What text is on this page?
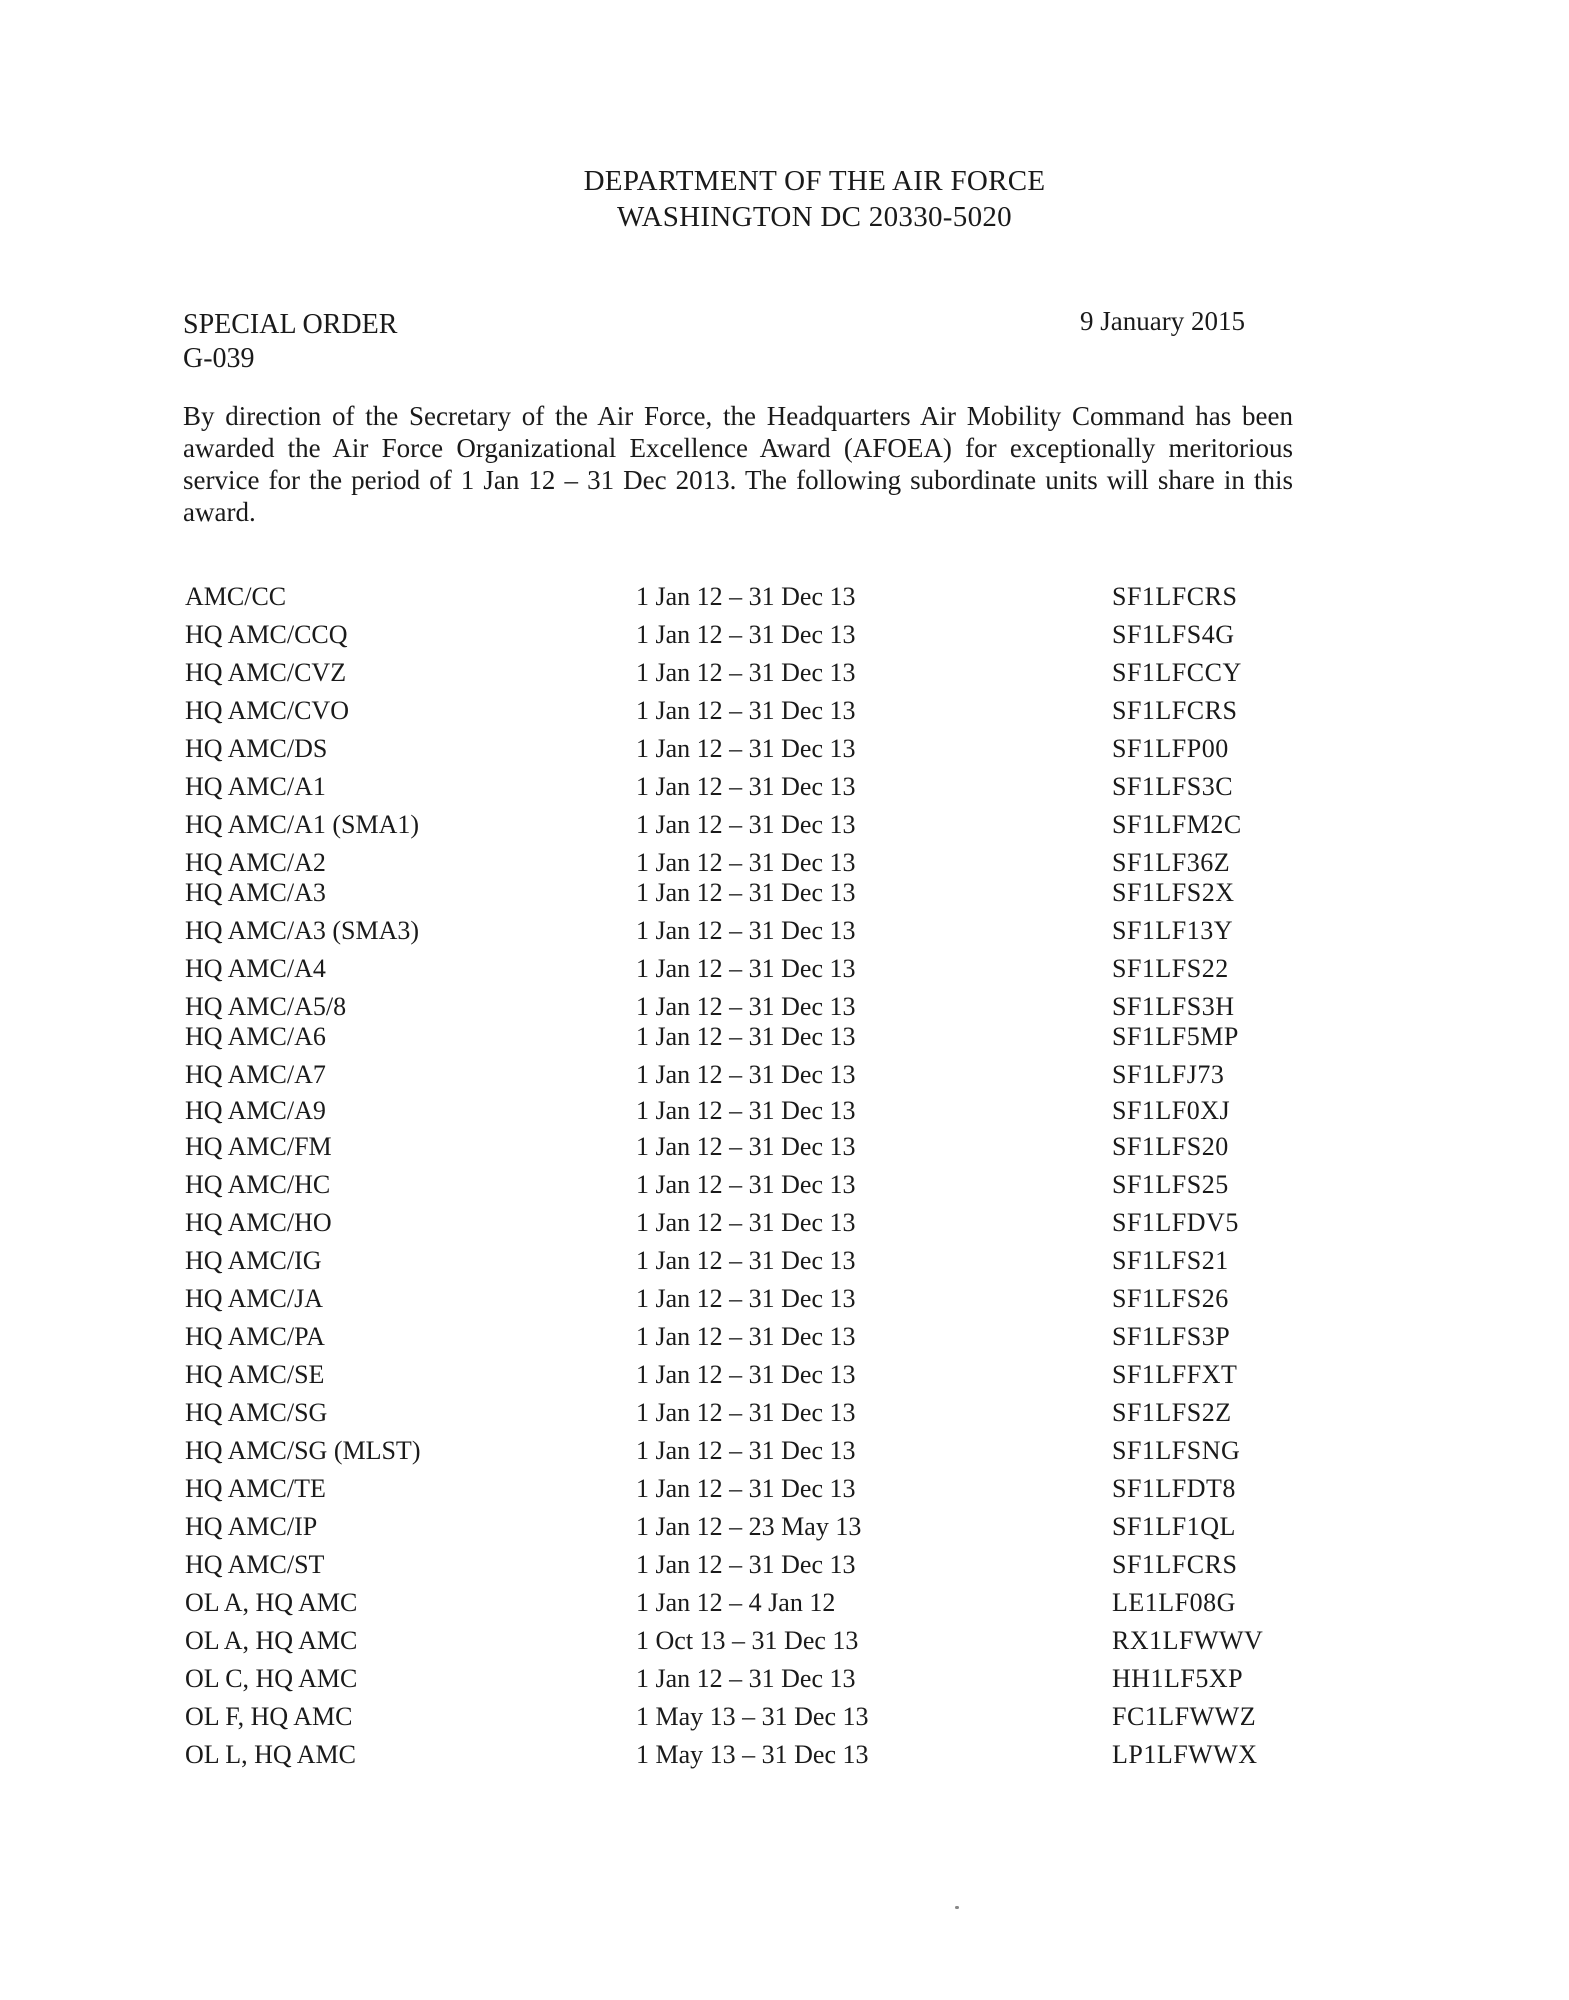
DEPARTMENT OF THE AIR FORCE
WASHINGTON DC 20330-5020
SPECIAL ORDER
G-039
9 January 2015
By direction of the Secretary of the Air Force, the Headquarters Air Mobility Command has been awarded the Air Force Organizational Excellence Award (AFOEA) for exceptionally meritorious service for the period of 1 Jan 12 – 31 Dec 2013. The following subordinate units will share in this award.
AMC/CC	1 Jan 12 – 31 Dec 13	SF1LFCRS
HQ AMC/CCQ	1 Jan 12 – 31 Dec 13	SF1LFS4G
HQ AMC/CVZ	1 Jan 12 – 31 Dec 13	SF1LFCCY
HQ AMC/CVO	1 Jan 12 – 31 Dec 13	SF1LFCRS
HQ AMC/DS	1 Jan 12 – 31 Dec 13	SF1LFP00
HQ AMC/A1	1 Jan 12 – 31 Dec 13	SF1LFS3C
HQ AMC/A1 (SMA1)	1 Jan 12 – 31 Dec 13	SF1LFM2C
HQ AMC/A2	1 Jan 12 – 31 Dec 13	SF1LF36Z
HQ AMC/A3	1 Jan 12 – 31 Dec 13	SF1LFS2X
HQ AMC/A3 (SMA3)	1 Jan 12 – 31 Dec 13	SF1LF13Y
HQ AMC/A4	1 Jan 12 – 31 Dec 13	SF1LFS22
HQ AMC/A5/8	1 Jan 12 – 31 Dec 13	SF1LFS3H
HQ AMC/A6	1 Jan 12 – 31 Dec 13	SF1LF5MP
HQ AMC/A7	1 Jan 12 – 31 Dec 13	SF1LFJ73
HQ AMC/A9	1 Jan 12 – 31 Dec 13	SF1LF0XJ
HQ AMC/FM	1 Jan 12 – 31 Dec 13	SF1LFS20
HQ AMC/HC	1 Jan 12 – 31 Dec 13	SF1LFS25
HQ AMC/HO	1 Jan 12 – 31 Dec 13	SF1LFDV5
HQ AMC/IG	1 Jan 12 – 31 Dec 13	SF1LFS21
HQ AMC/JA	1 Jan 12 – 31 Dec 13	SF1LFS26
HQ AMC/PA	1 Jan 12 – 31 Dec 13	SF1LFS3P
HQ AMC/SE	1 Jan 12 – 31 Dec 13	SF1LFFXT
HQ AMC/SG	1 Jan 12 – 31 Dec 13	SF1LFS2Z
HQ AMC/SG (MLST)	1 Jan 12 – 31 Dec 13	SF1LFSNG
HQ AMC/TE	1 Jan 12 – 31 Dec 13	SF1LFDT8
HQ AMC/IP	1 Jan 12 – 23 May 13	SF1LF1QL
HQ AMC/ST	1 Jan 12 – 31 Dec 13	SF1LFCRS
OL A, HQ AMC	1 Jan 12 – 4 Jan 12	LE1LF08G
OL A, HQ AMC	1 Oct 13 – 31 Dec 13	RX1LFWWV
OL C, HQ AMC	1 Jan 12 – 31 Dec 13	HH1LF5XP
OL F, HQ AMC	1 May 13 – 31 Dec 13	FC1LFWWZ
OL L, HQ AMC	1 May 13 – 31 Dec 13	LP1LFWWX
